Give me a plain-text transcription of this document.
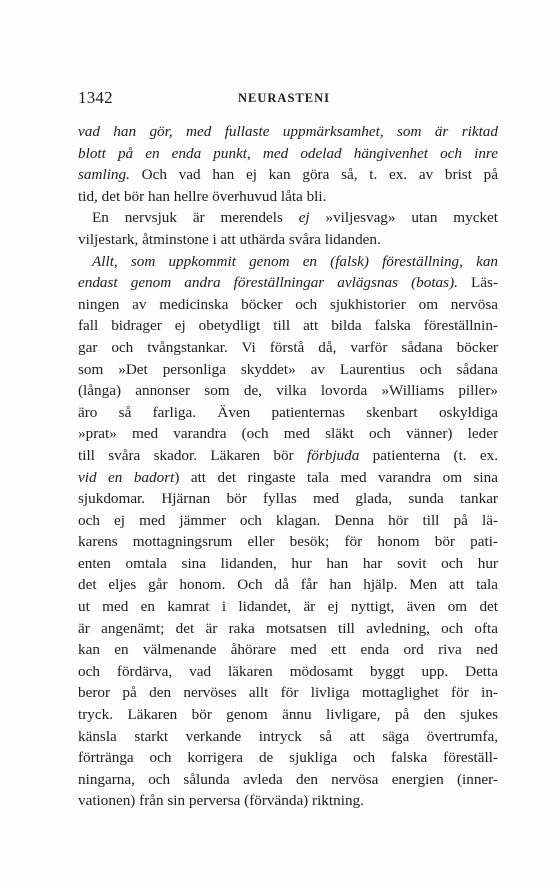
1342	NEURASTENI
vad han gör, med fullaste uppmärksamhet, som är riktad
blott på en enda punkt, med odelad hängivenhet och inre
samling. Och vad han ej kan göra så, t. ex. av brist på
tid, det bör han hellre överhuvud låta bli.
En nervsjuk är merendels ej »viljesvag» utan mycket
viljestark, åtminstone i att uthärda svåra lidanden.
Allt, som uppkommit genom en (falsk) föreställning, kan
endast genom andra föreställningar avlägsnas (botas). Läs-
ningen av medicinska böcker och sjukhistorier om nervösa
fall bidrager ej obetydligt till att bilda falska föreställnin-
gar och tvångstankar. Vi förstå då, varför sådana böcker
som »Det personliga skyddet» av Laurentius och sådana
(långa) annonser som de, vilka lovorda »Williams piller»
äro så farliga. Även patienternas skenbart oskyldiga
»prat» med varandra (och med släkt och vänner) leder
till svåra skador. Läkaren bör förbjuda patienterna (t. ex.
vid en badort) att det ringaste tala med varandra om sina
sjukdomar. Hjärnan bör fyllas med glada, sunda tankar
och ej med jämmer och klagan. Denna hör till på lä-
karens mottagningsrum eller besök; för honom bör pati-
enten omtala sina lidanden, hur han har sovit och hur
det eljes går honom. Och då får han hjälp. Men att tala
ut med en kamrat i lidandet, är ej nyttigt, även om det
är angenämt; det är raka motsatsen till avledning, och ofta
kan en välmenande åhörare med ett enda ord riva ned
och fördärva, vad läkaren mödosamt byggt upp. Detta
beror på den nervöses allt för livliga mottaglighet för in-
tryck. Läkaren bör genom ännu livligare, på den sjukes
känsla starkt verkande intryck så att säga övertrumfa,
förtränga och korrigera de sjukliga och falska föreställ-
ningarna, och sålunda avleda den nervösa energien (inner-
vationen) från sin perversa (förvända) riktning.
